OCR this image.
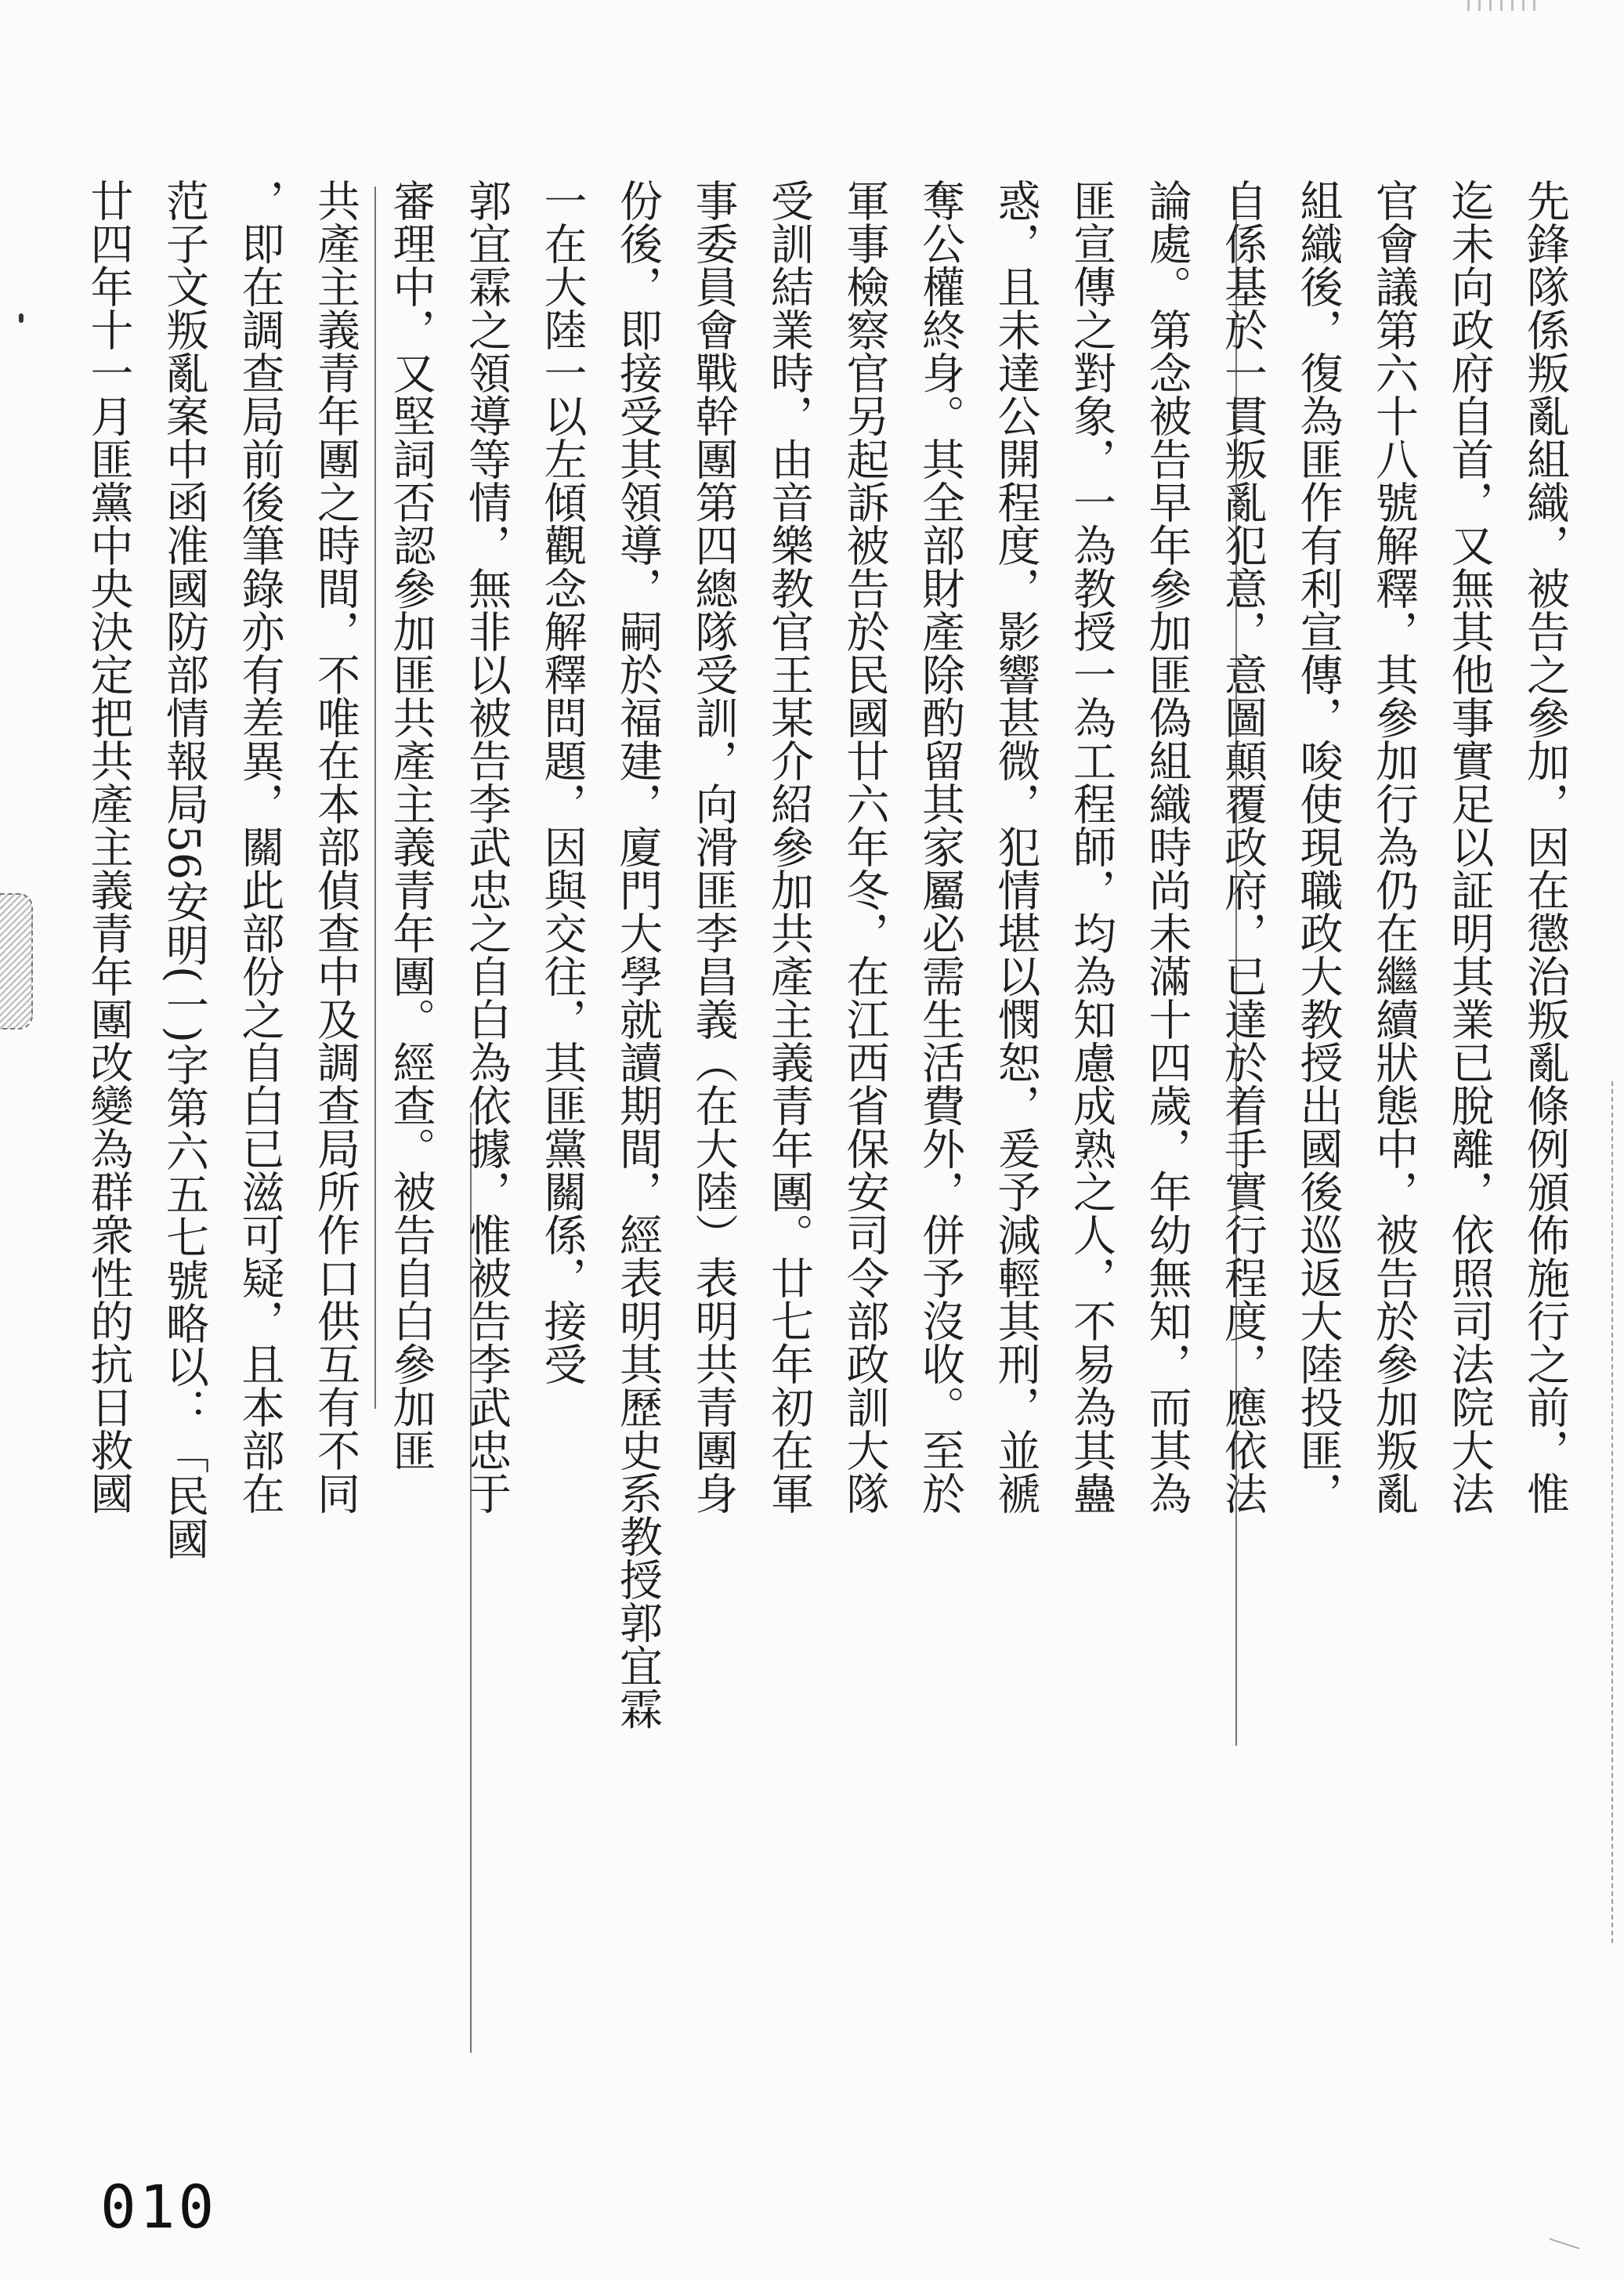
先鋒隊係叛亂組織，被告之參加，因在懲治叛亂條例頒佈施行之前，惟
迄未向政府自首，又無其他事實足以証明其業已脫離，依照司法院大法
官會議第六十八號解釋，其參加行為仍在繼續狀態中，被告於參加叛亂
組織後，復為匪作有利宣傳，唆使現職政大教授出國後巡返大陸投匪，
自係基於一貫叛亂犯意，意圖顛覆政府，已達於着手實行程度，應依法
論處。第念被告早年參加匪偽組織時尚未滿十四歲，年幼無知，而其為
匪宣傳之對象，一為教授一為工程師，均為知慮成熟之人，不易為其蠱
惑，且未達公開程度，影響甚微，犯情堪以憫恕，爰予減輕其刑，並褫
奪公權終身。其全部財產除酌留其家屬必需生活費外，併予沒收。至於
軍事檢察官另起訴被告於民國廿六年冬，在江西省保安司令部政訓大隊
受訓結業時，由音樂教官王某介紹參加共產主義青年團。廿七年初在軍
事委員會戰幹團第四總隊受訓，向滑匪李昌義（在大陸）表明共青團身
份後，即接受其領導，嗣於福建，廈門大學就讀期間，經表明其歷史系教授郭宜霖
一在大陸一以左傾觀念解釋問題，因與交往，其匪黨關係，接受
郭宜霖之領導等情，無非以被告李武忠之自白為依據，惟被告李武忠于
審理中，又堅詞否認參加匪共產主義青年團。經查。被告自白參加匪
共產主義青年團之時間，不唯在本部偵查中及調查局所作口供互有不同
，即在調查局前後筆錄亦有差異，關此部份之自白已滋可疑，且本部在
范子文叛亂案中函准國防部情報局56安明(一)字第六五七號略以：「民國
廿四年十一月匪黨中央決定把共產主義青年團改變為群衆性的抗日救國
010
